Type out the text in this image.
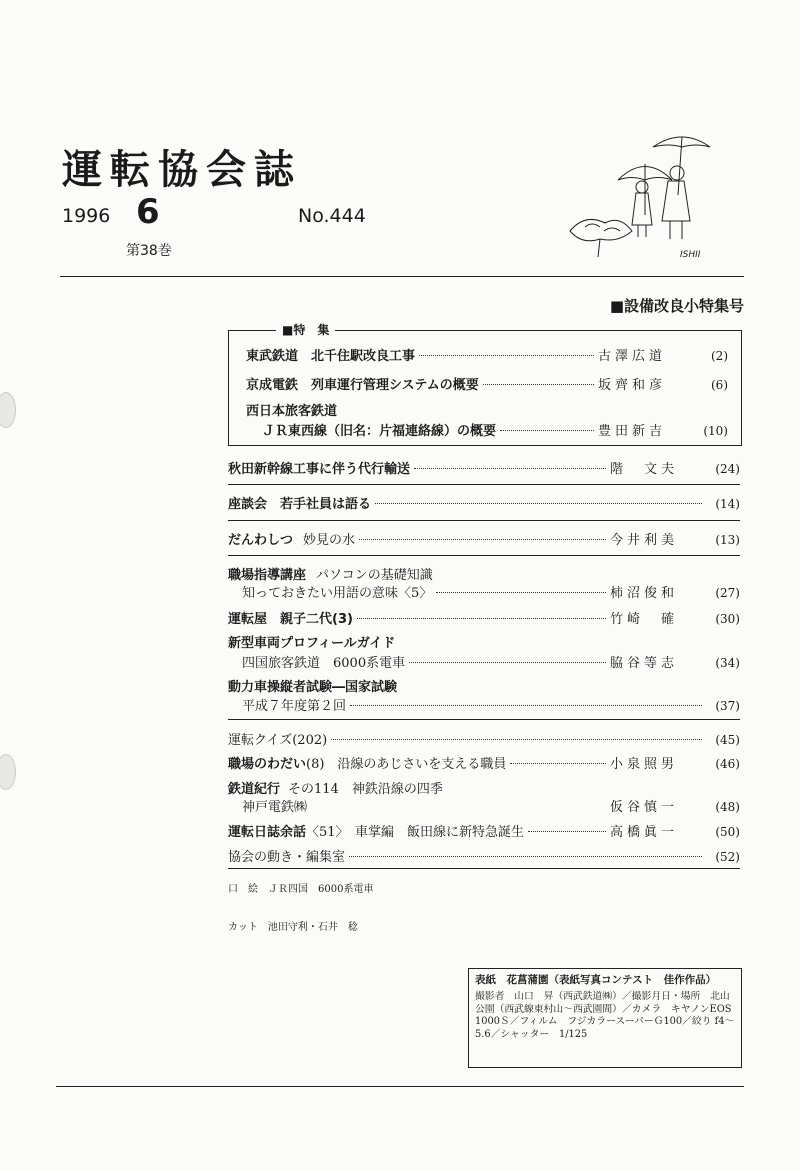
運転協会誌
1996 6	No.444
第38巻	ISHII
■設備改良小特集号
■特　集
東武鉄道　北千住駅改良工事	古澤広道	(2)
京成電鉄　列車運行管理システムの概要	坂齊和彦	(6)
西日本旅客鉄道
ＪＲ東西線（旧名：片福連絡線）の概要	豊田新吉	(10)
秋田新幹線工事に伴う代行輸送	階　文夫	(24)
座談会　若手社員は語る	(14)
だんわしつ 妙見の水	今井利美	(13)
職場指導講座 パソコンの基礎知識
知っておきたい用語の意味〈5〉	柿沼俊和	(27)
運転屋　親子二代(3)	竹崎　確	(30)
新型車両プロフィールガイド
四国旅客鉄道　6000系電車	脇谷等志	(34)
動力車操縦者試験―国家試験
平成７年度第２回	(37)
運転クイズ(202)	(45)
職場のわだい (8)　沿線のあじさいを支える職員	小泉照男	(46)
鉄道紀行 その114　神鉄沿線の四季
神戸電鉄㈱	仮谷慎一	(48)
運転日誌余話 〈51〉　車掌編　飯田線に新特急誕生	高橋眞一	(50)
協会の動き・編集室	(52)
口　絵　ＪＲ四国　6000系電車
カット　池田守利・石井　稔
表紙　花菖蒲園（表紙写真コンテスト　佳作作品）
撮影者　山口　昇（西武鉄道㈱）／撮影月日・場所　北山公園（西武線東村山～西武園間）／カメラ　キヤノンEOS 1000Ｓ／フィルム　フジカラースーパーＧ100／絞り f4～5.6／シャッター　1/125
